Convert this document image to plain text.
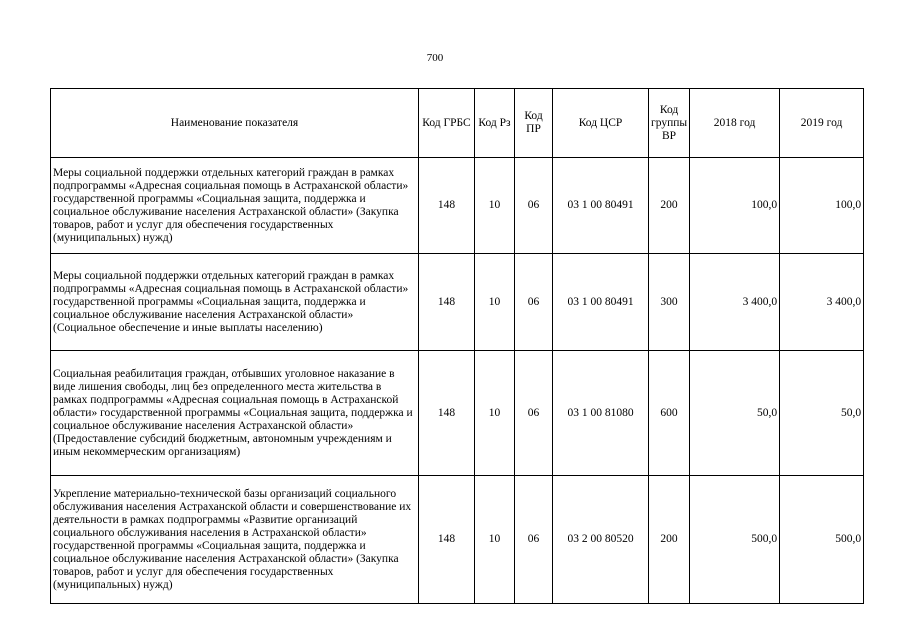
700
Наименование показателя	Код ГРБС	Код Рз	Код ПР	Код ЦСР	Код группы ВР	2018 год	2019 год
Меры социальной поддержки отдельных категорий граждан в рамках подпрограммы «Адресная социальная помощь в Астраханской области» государственной программы «Социальная защита, поддержка и социальное обслуживание населения Астраханской области» (Закупка товаров, работ и услуг для обеспечения государственных (муниципальных) нужд)	148	10	06	03 1 00 80491	200	100,0	100,0
Меры социальной поддержки отдельных категорий граждан в рамках подпрограммы «Адресная социальная помощь в Астраханской области» государственной программы «Социальная защита, поддержка и социальное обслуживание населения Астраханской области» (Социальное обеспечение и иные выплаты населению)	148	10	06	03 1 00 80491	300	3 400,0	3 400,0
Социальная реабилитация граждан, отбывших уголовное наказание в виде лишения свободы, лиц без определенного места жительства в рамках подпрограммы «Адресная социальная помощь в Астраханской области» государственной программы «Социальная защита, поддержка и социальное обслуживание населения Астраханской области» (Предоставление субсидий бюджетным, автономным учреждениям и иным некоммерческим организациям)	148	10	06	03 1 00 81080	600	50,0	50,0
Укрепление материально-технической базы организаций социального обслуживания населения Астраханской области и совершенствование их деятельности в рамках подпрограммы «Развитие организаций социального обслуживания населения в Астраханской области» государственной программы «Социальная защита, поддержка и социальное обслуживание населения Астраханской области» (Закупка товаров, работ и услуг для обеспечения государственных (муниципальных) нужд)	148	10	06	03 2 00 80520	200	500,0	500,0
